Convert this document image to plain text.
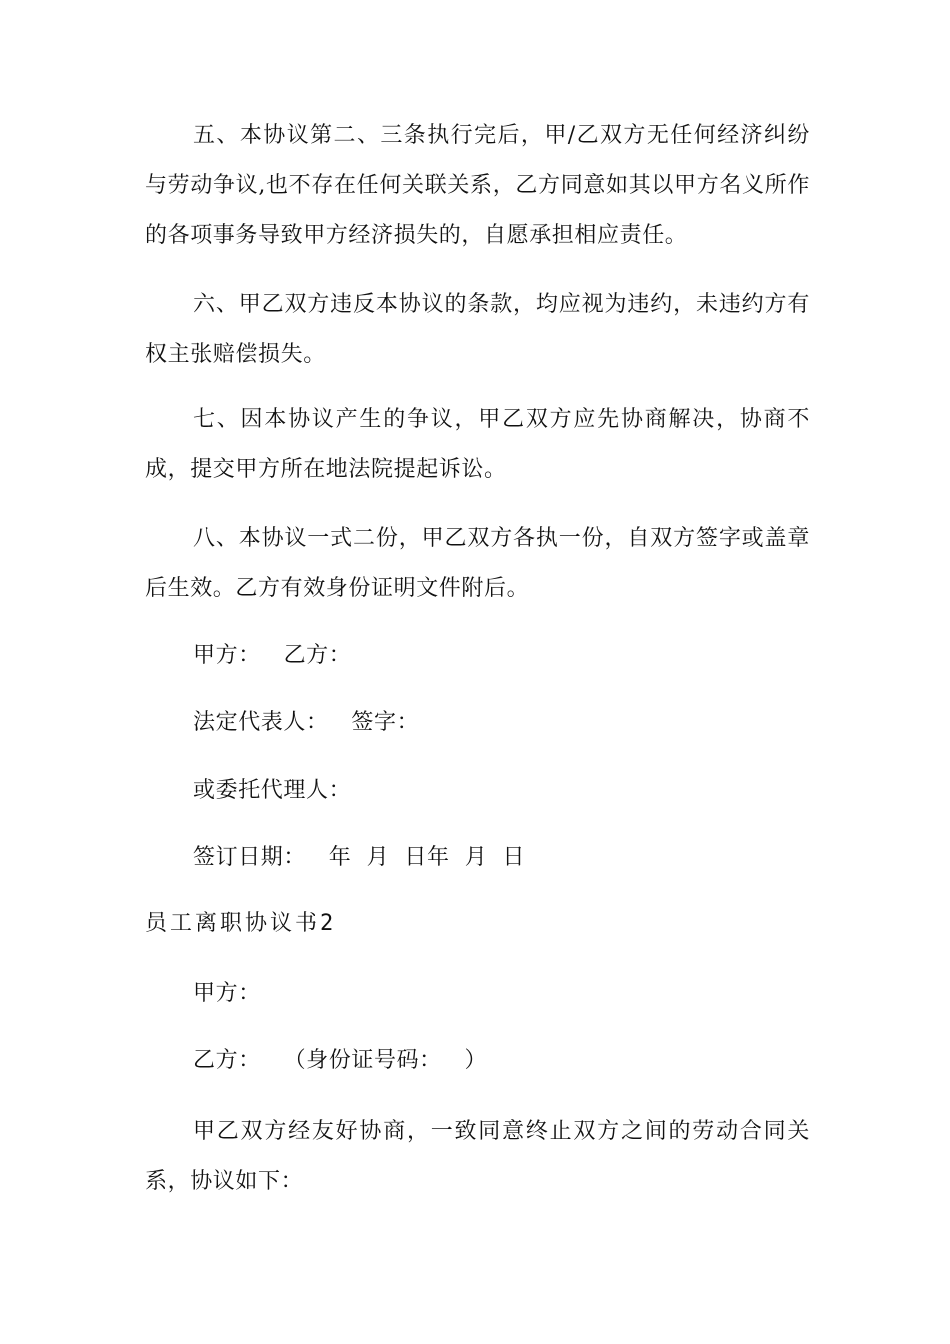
五、本协议第二、三条执行完后，甲/乙双方无任何经济纠纷与劳动争议,也不存在任何关联关系，乙方同意如其以甲方名义所作的各项事务导致甲方经济损失的，自愿承担相应责任。

六、甲乙双方违反本协议的条款，均应视为违约，未违约方有权主张赔偿损失。

七、因本协议产生的争议，甲乙双方应先协商解决，协商不成，提交甲方所在地法院提起诉讼。

八、本协议一式二份，甲乙双方各执一份，自双方签字或盖章后生效。乙方有效身份证明文件附后。

甲方：   乙方：

法定代表人：   签字：

或委托代理人：

签订日期：   年  月  日年  月  日

员工离职协议书2

甲方：

乙方：   （身份证号码：   ）

甲乙双方经友好协商，一致同意终止双方之间的劳动合同关系，协议如下：
